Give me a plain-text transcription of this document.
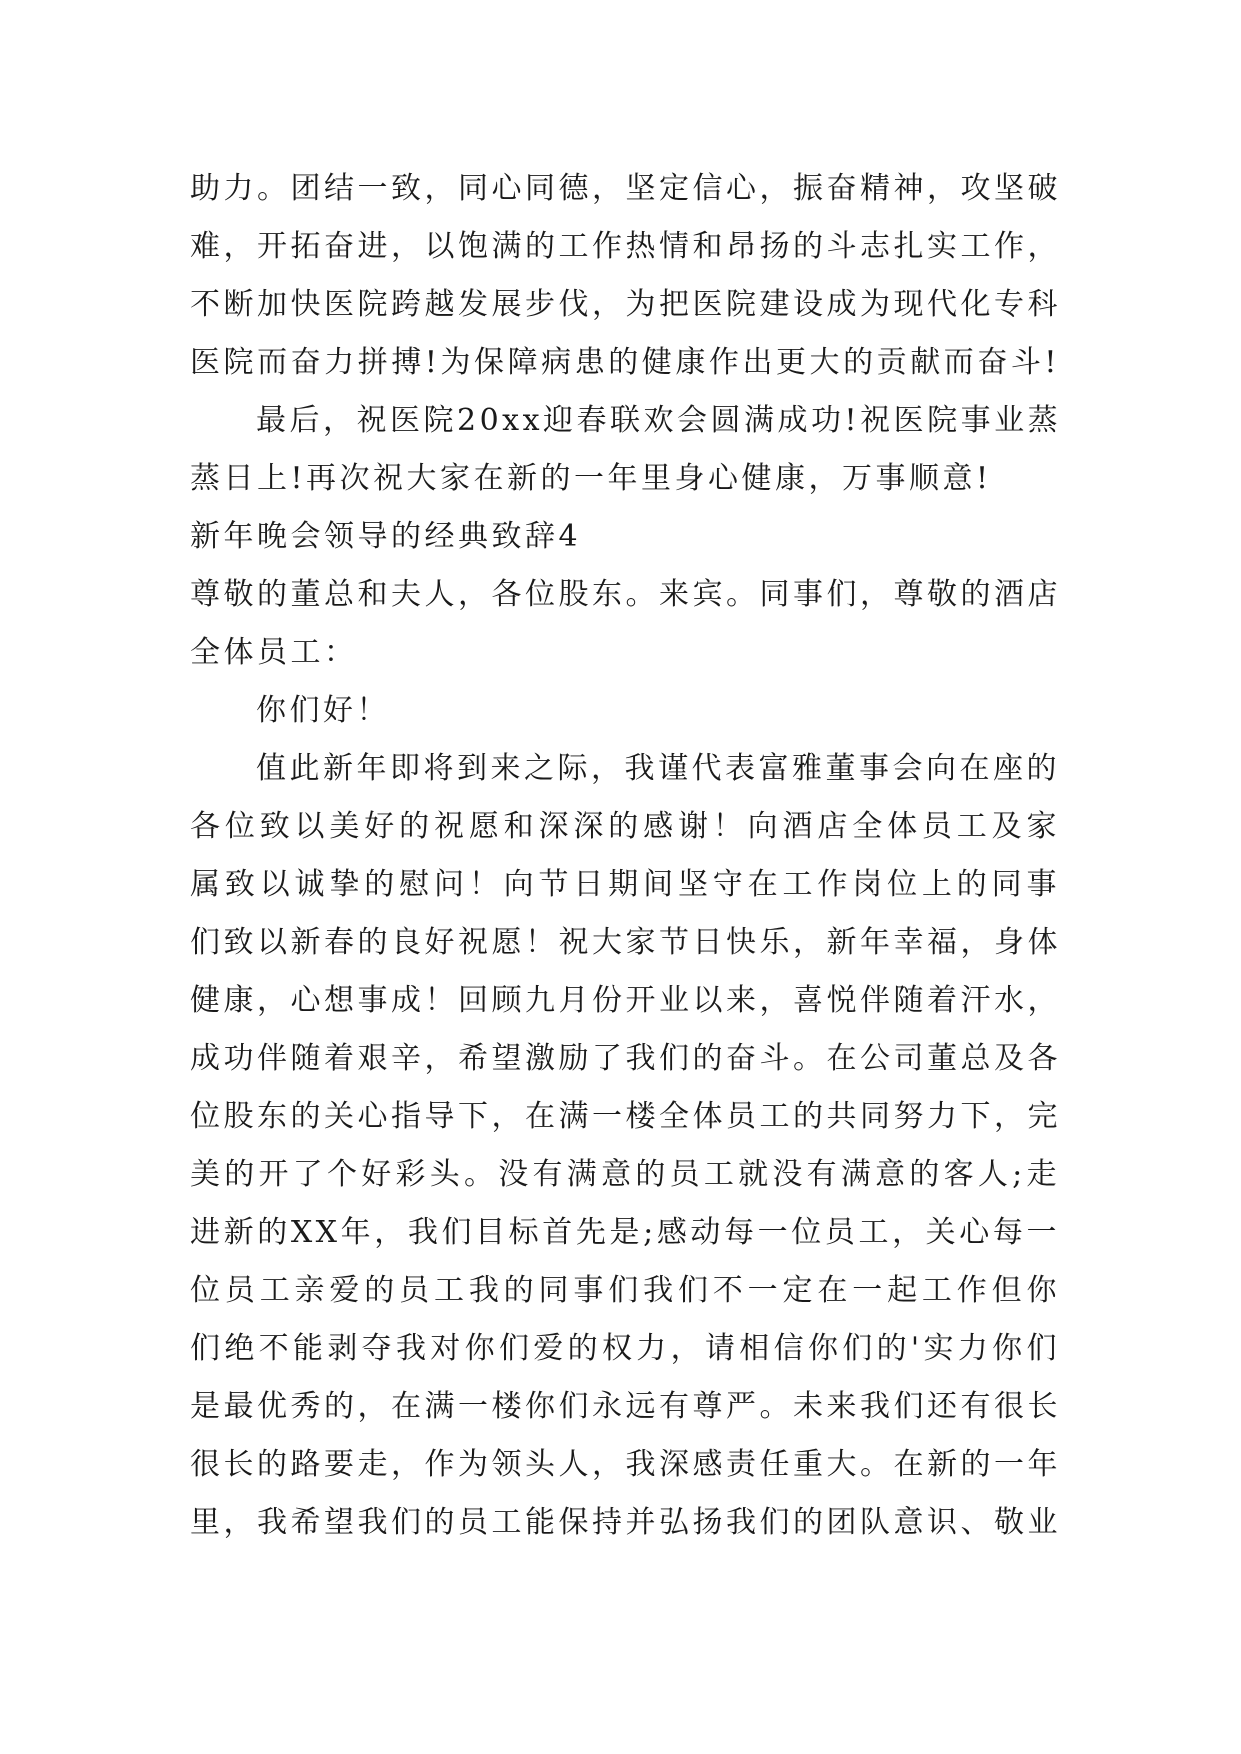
助力。团结一致，同心同德，坚定信心，振奋精神，攻坚破
难，开拓奋进，以饱满的工作热情和昂扬的斗志扎实工作，
不断加快医院跨越发展步伐，为把医院建设成为现代化专科
医院而奋力拼搏!为保障病患的健康作出更大的贡献而奋斗!
最后，祝医院20xx迎春联欢会圆满成功!祝医院事业蒸
蒸日上!再次祝大家在新的一年里身心健康，万事顺意!
新年晚会领导的经典致辞4
尊敬的董总和夫人，各位股东。来宾。同事们，尊敬的酒店
全体员工：
你们好！
值此新年即将到来之际，我谨代表富雅董事会向在座的
各位致以美好的祝愿和深深的感谢！向酒店全体员工及家
属致以诚挚的慰问！向节日期间坚守在工作岗位上的同事
们致以新春的良好祝愿！祝大家节日快乐，新年幸福，身体
健康，心想事成！回顾九月份开业以来，喜悦伴随着汗水，
成功伴随着艰辛，希望激励了我们的奋斗。在公司董总及各
位股东的关心指导下，在满一楼全体员工的共同努力下，完
美的开了个好彩头。没有满意的员工就没有满意的客人;走
进新的XX年，我们目标首先是;感动每一位员工，关心每一
位员工亲爱的员工我的同事们我们不一定在一起工作但你
们绝不能剥夺我对你们爱的权力，请相信你们的'实力你们
是最优秀的，在满一楼你们永远有尊严。未来我们还有很长
很长的路要走，作为领头人，我深感责任重大。在新的一年
里，我希望我们的员工能保持并弘扬我们的团队意识、敬业
